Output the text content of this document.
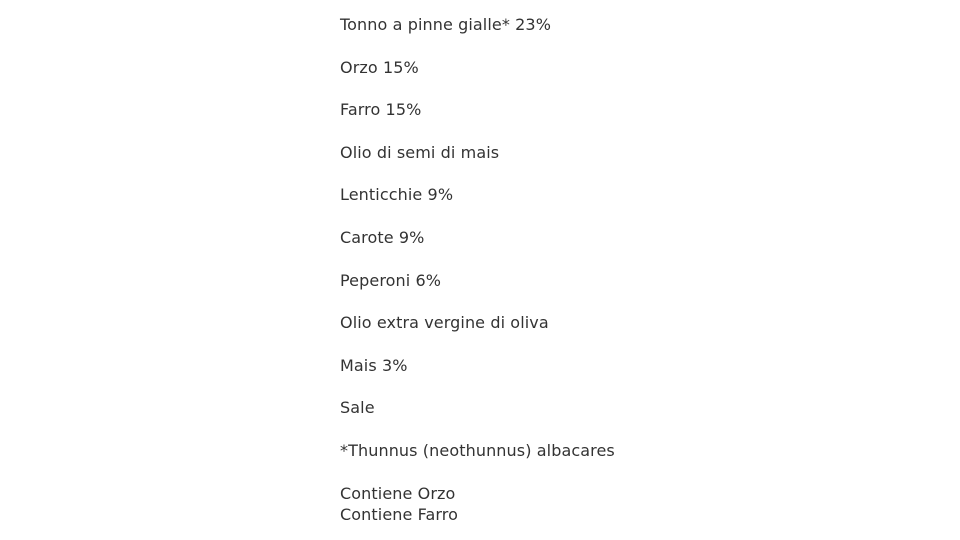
Tonno a pinne gialle* 23%
Orzo 15%
Farro 15%
Olio di semi di mais
Lenticchie 9%
Carote 9%
Peperoni 6%
Olio extra vergine di oliva
Mais 3%
Sale
*Thunnus (neothunnus) albacares
Contiene Orzo
Contiene Farro
